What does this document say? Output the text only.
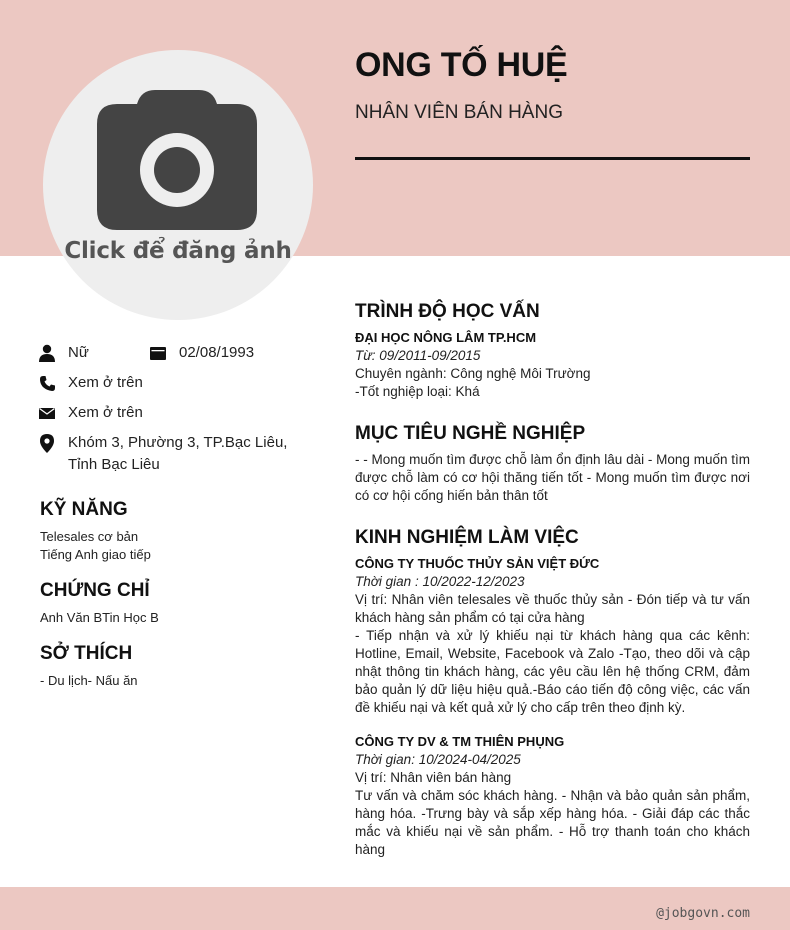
Click để đăng ảnh
ONG TỐ HUỆ
NHÂN VIÊN BÁN HÀNG
Nữ	02/08/1993
Xem ở trên
Xem ở trên
Khóm 3, Phường 3, TP.Bạc Liêu, Tỉnh Bạc Liêu
KỸ NĂNG
Telesales cơ bản
Tiếng Anh giao tiếp
CHỨNG CHỈ
Anh Văn BTin Học B
SỞ THÍCH
- Du lịch- Nấu ăn
TRÌNH ĐỘ HỌC VẤN
ĐẠI HỌC NÔNG LÂM TP.HCM
Từ: 09/2011-09/2015
Chuyên ngành: Công nghệ Môi Trường
-Tốt nghiệp loại: Khá
MỤC TIÊU NGHỀ NGHIỆP
- - Mong muốn tìm được chỗ làm ổn định lâu dài - Mong muốn tìm được chỗ làm có cơ hội thăng tiến tốt - Mong muốn tìm được nơi có cơ hội cống hiến bản thân tốt
KINH NGHIỆM LÀM VIỆC
CÔNG TY THUỐC THỦY SẢN VIỆT ĐỨC
Thời gian : 10/2022-12/2023
Vị trí: Nhân viên telesales về thuốc thủy sản - Đón tiếp và tư vấn khách hàng sản phẩm có tại cửa hàng
- Tiếp nhận và xử lý khiếu nại từ khách hàng qua các kênh: Hotline, Email, Website, Facebook và Zalo -Tạo, theo dõi và cập nhật thông tin khách hàng, các yêu cầu lên hệ thống CRM, đảm bảo quản lý dữ liệu hiệu quả.-Báo cáo tiến độ công việc, các vấn đề khiếu nại và kết quả xử lý cho cấp trên theo định kỳ.
CÔNG TY DV & TM THIÊN PHỤNG
Thời gian: 10/2024-04/2025
Vị trí: Nhân viên bán hàng
Tư vấn và chăm sóc khách hàng. - Nhận và bảo quản sản phẩm, hàng hóa. -Trưng bày và sắp xếp hàng hóa. - Giải đáp các thắc mắc và khiếu nại về sản phẩm. - Hỗ trợ thanh toán cho khách hàng
@jobgovn.com
